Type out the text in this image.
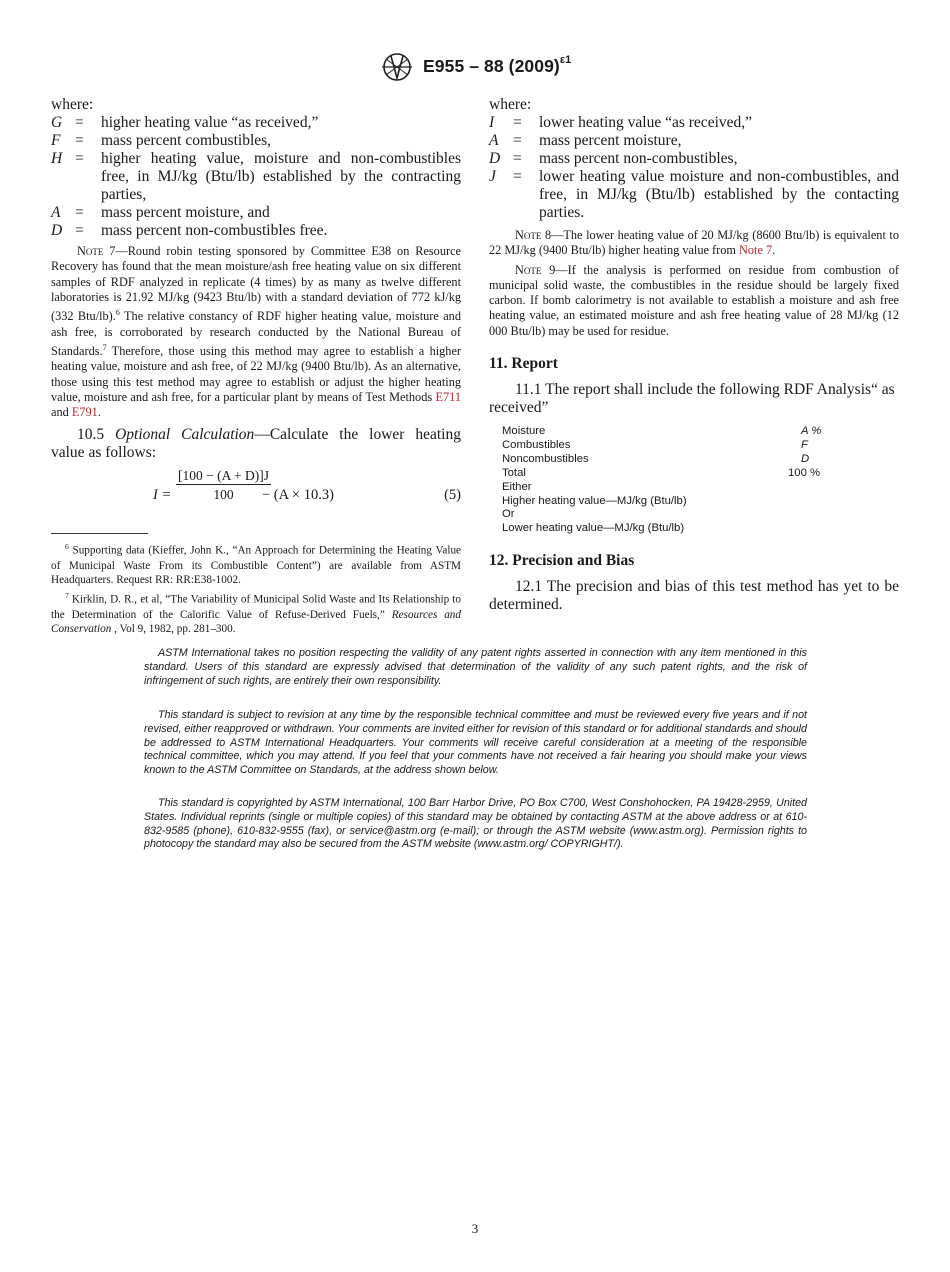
E955 – 88 $(2009)^{\varepsilon 1}$
where:
G =	higher heating value “as received,”
F =	mass percent combustibles,
H =	higher heating value, moisture and non-combustibles free, in MJ/kg (Btu/lb) established by the contracting parties,
A =	mass percent moisture, and
D =	mass percent non-combustibles free.
Note 7—Round robin testing sponsored by Committee E38 on Resource Recovery has found that the mean moisture/ash free heating value on six different samples of RDF analyzed in replicate (4 times) by as many as twelve different laboratories is 21.92 MJ/kg (9423 Btu/lb) with a standard deviation of 772 kJ/kg (332 Btu/lb).$^6$ The relative constancy of RDF higher heating value, moisture and ash free, is corroborated by research conducted by the National Bureau of Standards.$^7$ Therefore, those using this method may agree to establish a higher heating value, moisture and ash free, of 22 MJ/kg (9400 Btu/lb). As an alternative, those using this test method may agree to establish or adjust the higher heating value, moisture and ash free, for a particular plant by means of Test Methods E711 and E791.
10.5 Optional Calculation—Calculate the lower heating value as follows:
$I = \frac{[100 - (A + D)]J}{100}$
− (A × 10.3)	(5)
$^6$ Supporting data (Kieffer, John K., “An Approach for Determining the Heating Value of Municipal Waste From its Combustible Content”) are available from ASTM Headquarters. Request RR: RR:E38-1002.
$^7$ Kirklin, D. R., et al, “The Variability of Municipal Solid Waste and Its Relationship to the Determination of the Calorific Value of Refuse-Derived Fuels,” Resources and Conservation , Vol 9, 1982, pp. 281–300.
where:
I	=	lower heating value “as received,”
A =	mass percent moisture,
D =	mass percent non-combustibles,
J	=	lower heating value moisture and non-combustibles, and free, in MJ/kg (Btu/lb) established by the contacting parties.
Note 8—The lower heating value of 20 MJ/kg (8600 Btu/lb) is equivalent to 22 MJ/kg (9400 Btu/lb) higher heating value from Note 7.
Note 9—If the analysis is performed on residue from combustion of municipal solid waste, the combustibles in the residue should be largely fixed carbon. If bomb calorimetry is not available to establish a moisture and ash free heating value, an estimated moisture and ash free heating value of 28 MJ/kg (12 000 Btu/lb) may be used for residue.
11. Report
11.1 The report shall include the following RDF Analysis“ as received”
Moisture	A %
Combustibles	F
Noncombustibles	D
Total	100 %
Either
Higher heating value—MJ/kg (Btu/lb)
Or
Lower heating value—MJ/kg (Btu/lb)
12. Precision and Bias
12.1 The precision and bias of this test method has yet to be determined.
ASTM International takes no position respecting the validity of any patent rights asserted in connection with any item mentioned in this standard. Users of this standard are expressly advised that determination of the validity of any such patent rights, and the risk of infringement of such rights, are entirely their own responsibility.
This standard is subject to revision at any time by the responsible technical committee and must be reviewed every five years and if not revised, either reapproved or withdrawn. Your comments are invited either for revision of this standard or for additional standards and should be addressed to ASTM International Headquarters. Your comments will receive careful consideration at a meeting of the responsible technical committee, which you may attend. If you feel that your comments have not received a fair hearing you should make your views known to the ASTM Committee on Standards, at the address shown below.
This standard is copyrighted by ASTM International, 100 Barr Harbor Drive, PO Box C700, West Conshohocken, PA 19428-2959, United States. Individual reprints (single or multiple copies) of this standard may be obtained by contacting ASTM at the above address or at 610-832-9585 (phone), 610-832-9555 (fax), or service@astm.org (e-mail); or through the ASTM website (www.astm.org). Permission rights to photocopy the standard may also be secured from the ASTM website (www.astm.org/ COPYRIGHT/).
3
